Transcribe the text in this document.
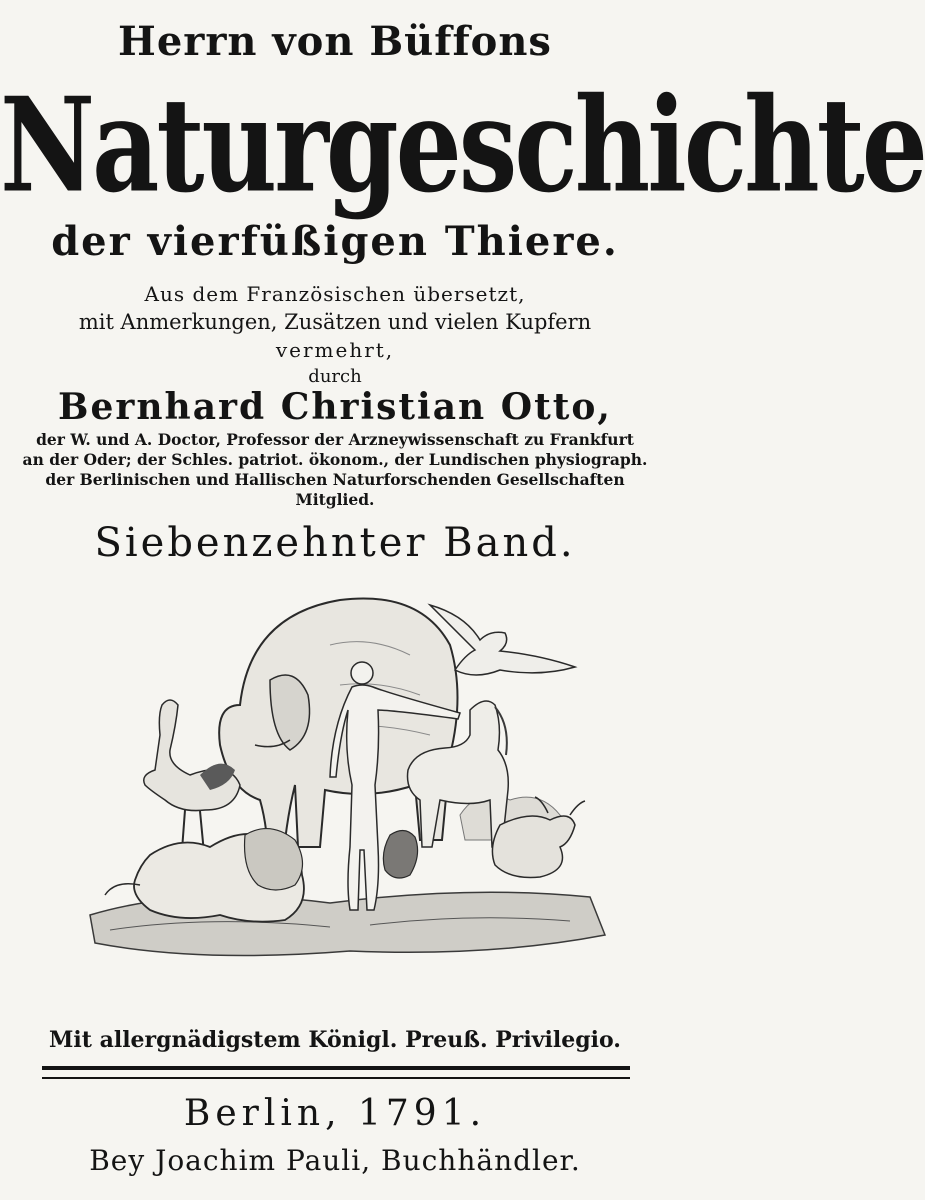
Herrn von Büffons
Naturgeschichte
der vierfüßigen Thiere.
Aus dem Französischen übersetzt,
mit Anmerkungen, Zusätzen und vielen Kupfern
vermehrt,
durch
Bernhard Christian Otto,
der W. und A. Doctor, Professor der Arzneywissenschaft zu Frankfurt
an der Oder; der Schles. patriot. ökonom., der Lundischen physiograph.
der Berlinischen und Hallischen Naturforschenden Gesellschaften
Mitglied.
Siebenzehnter Band.
Mit allergnädigstem Königl. Preuß. Privilegio.
Berlin, 1791.
Bey Joachim Pauli, Buchhändler.
